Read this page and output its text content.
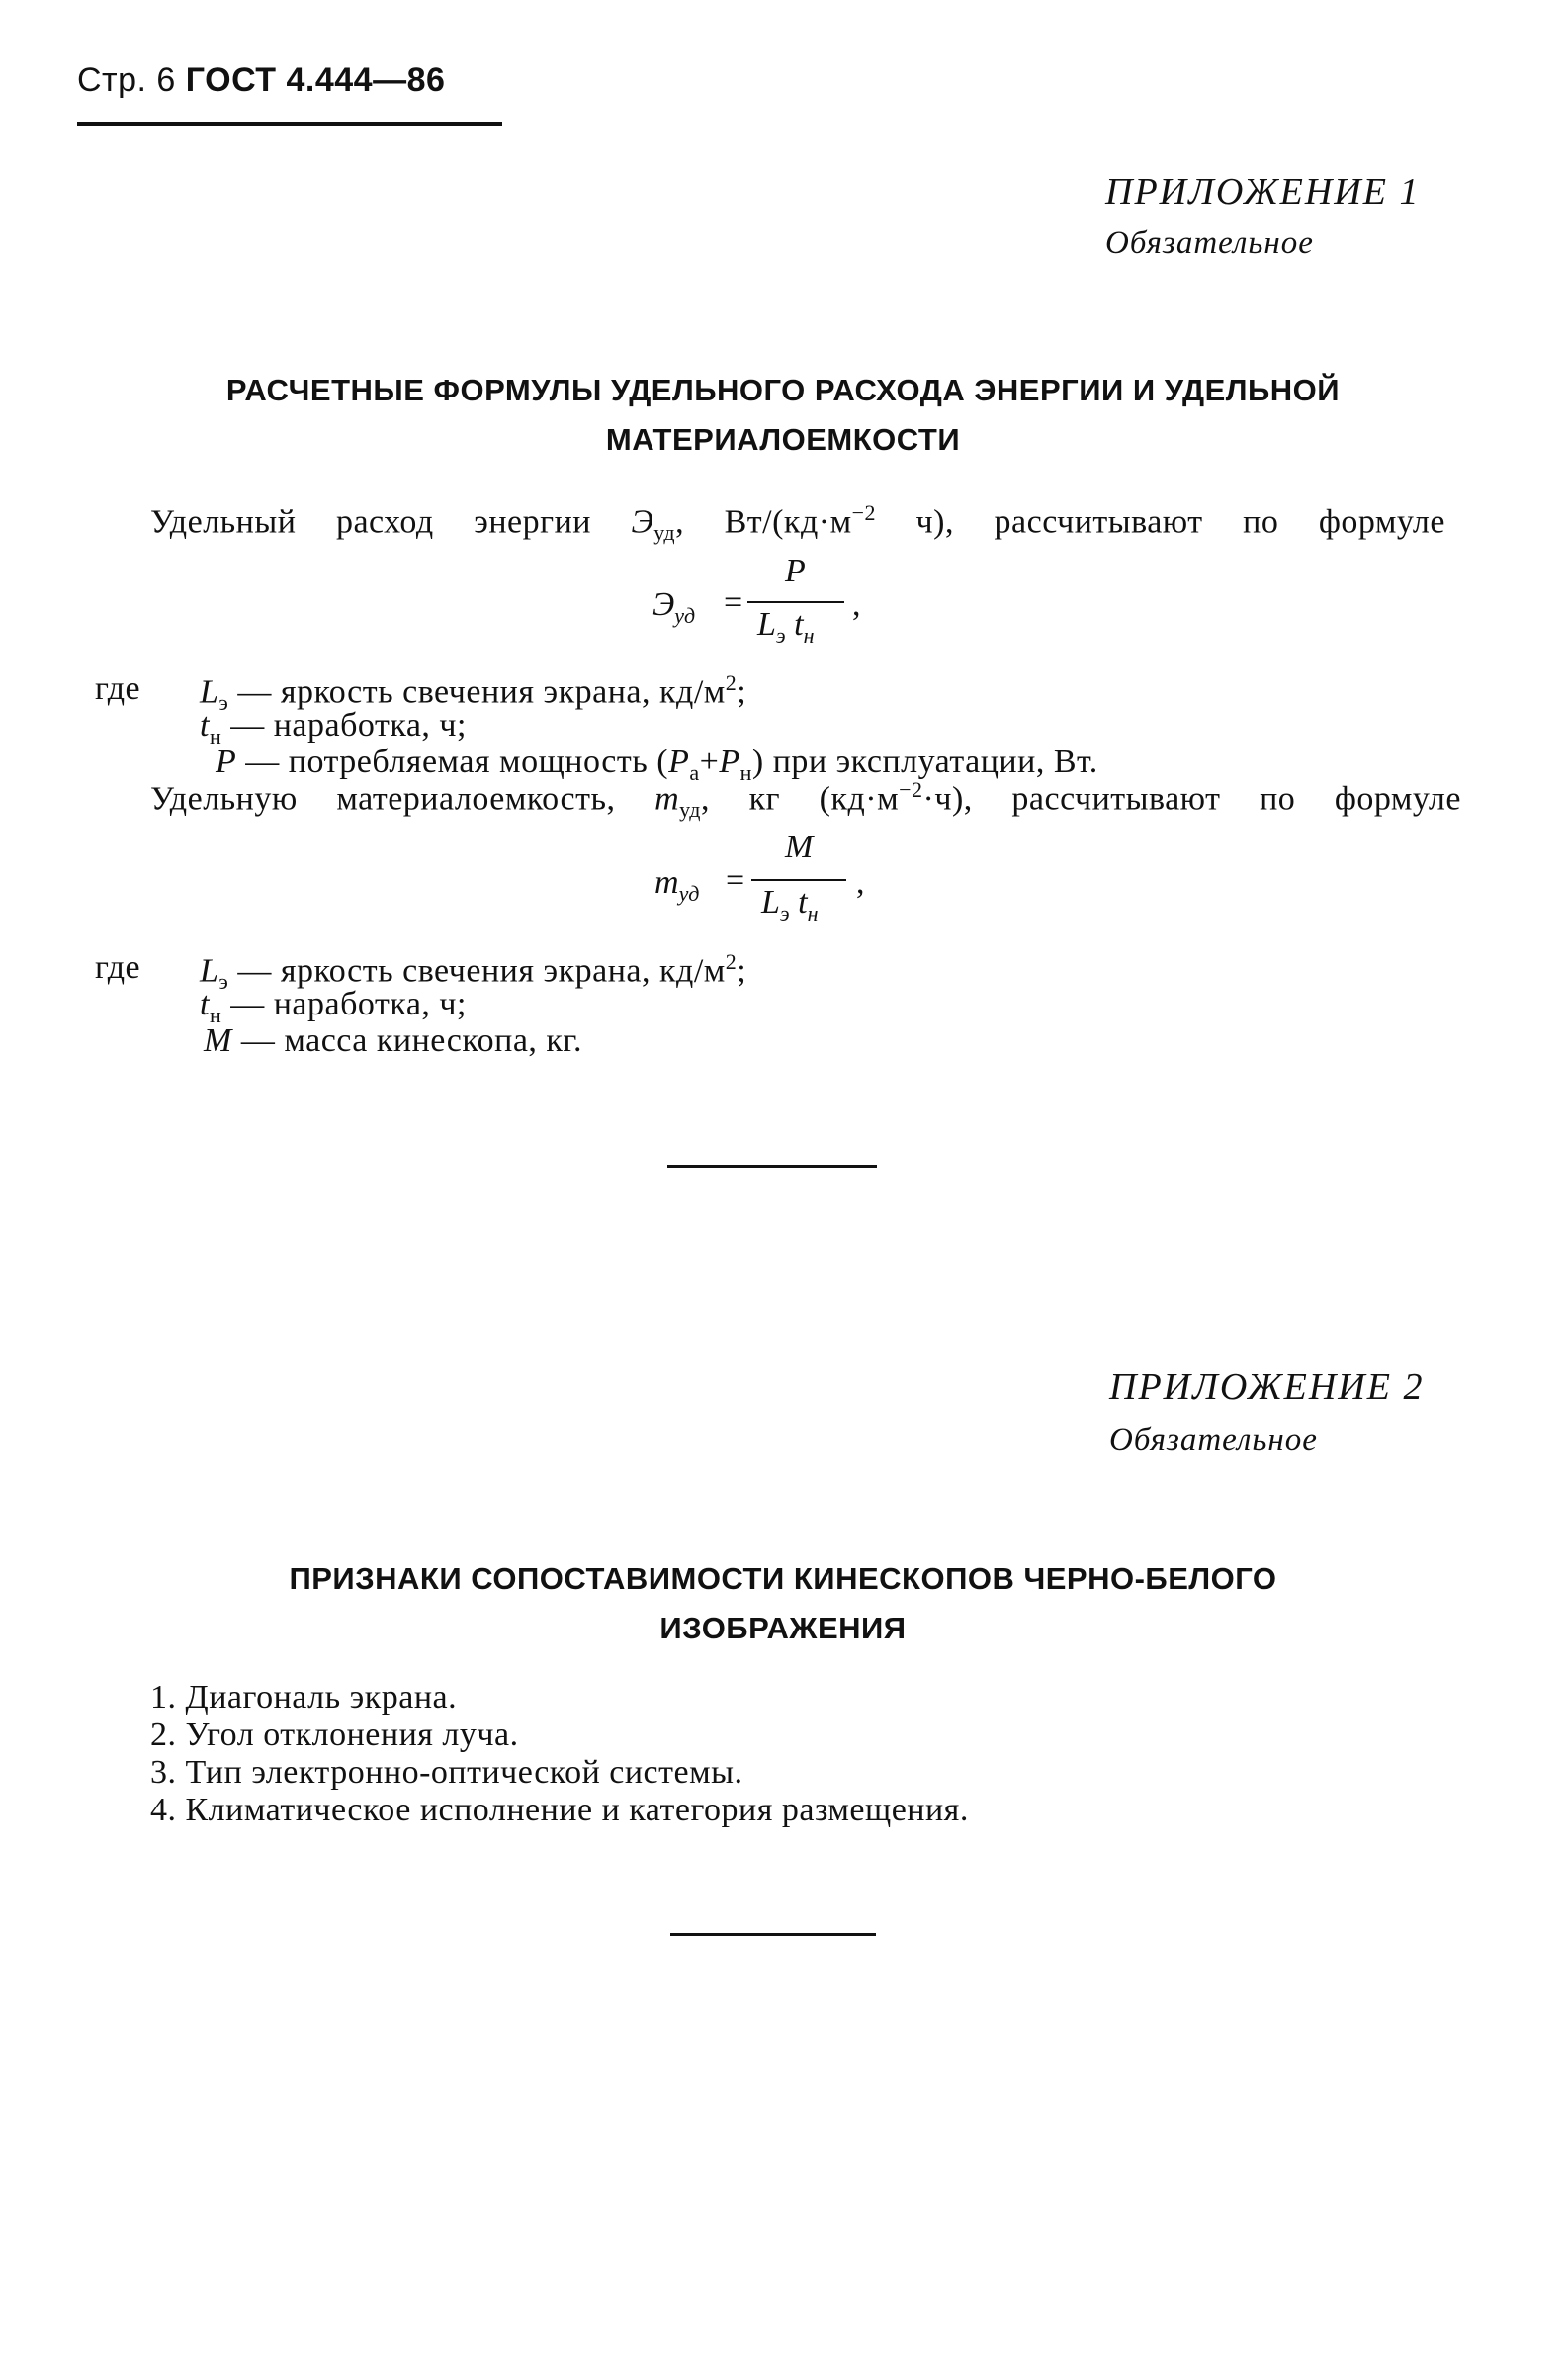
Стр. 6 ГОСТ 4.444—86
ПРИЛОЖЕНИЕ 1
Обязательное
РАСЧЕТНЫЕ ФОРМУЛЫ УДЕЛЬНОГО РАСХОДА ЭНЕРГИИ И УДЕЛЬНОЙ
МАТЕРИАЛОЕМКОСТИ
Удельный расход энергии $Э_{уд}$, $Вт/(кд\cdot м^{-2}$ ч), рассчитывают по формуле
$Э_{уд}$ =
P
$L_э$ $t_н$
,
где $L_э$ — яркость свечения экрана, $кд/м^2$;
$t_н$ — наработка, ч;
P — потребляемая мощность $(P_а+P_н)$ при эксплуатации, Вт.
Удельную материалоемкость, $m_{уд}$, кг $(кд\cdot м^{-2}\cdot ч)$, рассчитывают по формуле
$m_{уд}$ =
M
$L_э$ $t_н$
,
где $L_э$ — яркость свечения экрана, $кд/м^2$;
$t_н$ — наработка, ч;
M — масса кинескопа, кг.
ПРИЛОЖЕНИЕ 2
Обязательное
ПРИЗНАКИ СОПОСТАВИМОСТИ КИНЕСКОПОВ ЧЕРНО-БЕЛОГО
ИЗОБРАЖЕНИЯ
1. Диагональ экрана.
2. Угол отклонения луча.
3. Тип электронно-оптической системы.
4. Климатическое исполнение и категория размещения.
